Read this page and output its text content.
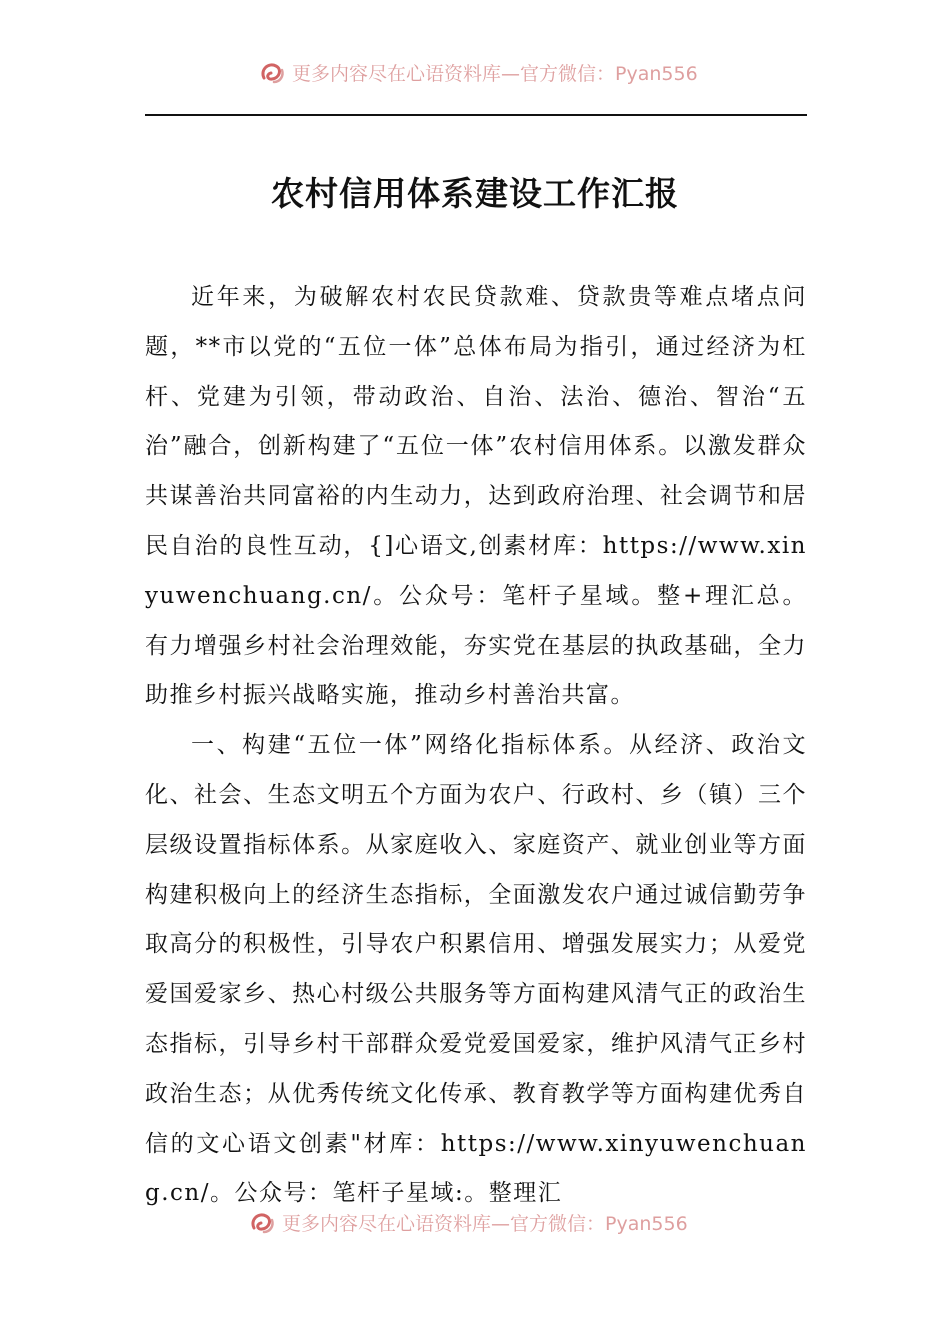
更多内容尽在心语资料库—官方微信：Pyan556
农村信用体系建设工作汇报

近年来，为破解农村农民贷款难、贷款贵等难点堵点问题，**市以党的“五位一体”总体布局为指引，通过经济为杠杆、党建为引领，带动政治、自治、法治、德治、智治“五治”融合，创新构建了“五位一体”农村信用体系。以激发群众共谋善治共同富裕的内生动力，达到政府治理、社会调节和居民自治的良性互动，{]心语文,创素材库：https://www.xinyuwenchuang.cn/。公众号：笔杆子星域。整+理汇总。有力增强乡村社会治理效能，夯实党在基层的执政基础，全力助推乡村振兴战略实施，推动乡村善治共富。

一、构建“五位一体”网络化指标体系。从经济、政治文化、社会、生态文明五个方面为农户、行政村、乡（镇）三个层级设置指标体系。从家庭收入、家庭资产、就业创业等方面构建积极向上的经济生态指标，全面激发农户通过诚信勤劳争取高分的积极性，引导农户积累信用、增强发展实力；从爱党爱国爱家乡、热心村级公共服务等方面构建风清气正的政治生态指标，引导乡村干部群众爱党爱国爱家，维护风清气正乡村政治生态；从优秀传统文化传承、教育教学等方面构建优秀自信的文心语文创素"材库：https://www.xinyuwenchuang.cn/。公众号：笔杆子星域:。整理汇

更多内容尽在心语资料库—官方微信：Pyan556
